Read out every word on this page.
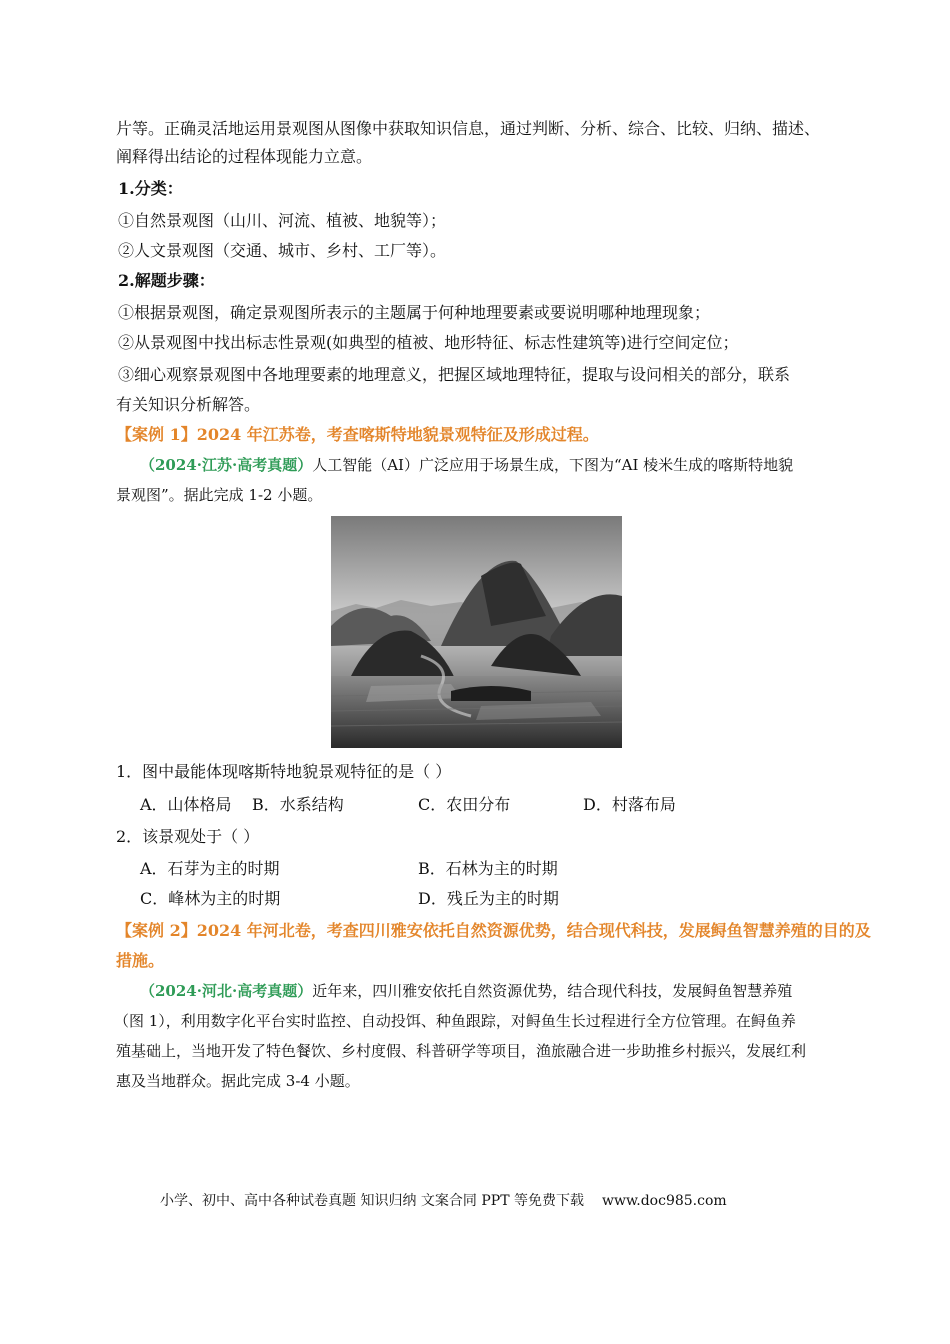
片等。正确灵活地运用景观图从图像中获取知识信息，通过判断、分析、综合、比较、归纳、描述、
阐释得出结论的过程体现能力立意。
1.分类：
①自然景观图（山川、河流、植被、地貌等）；
②人文景观图（交通、城市、乡村、工厂等）。
2.解题步骤：
①根据景观图，确定景观图所表示的主题属于何种地理要素或要说明哪种地理现象；
②从景观图中找出标志性景观(如典型的植被、地形特征、标志性建筑等)进行空间定位；
③细心观察景观图中各地理要素的地理意义，把握区域地理特征，提取与设问相关的部分，联系
有关知识分析解答。
【案例 1】2024 年江苏卷，考查喀斯特地貌景观特征及形成过程。
（2024·江苏·高考真题）人工智能（AI）广泛应用于场景生成，下图为“AI 棱米生成的喀斯特地貌
景观图”。据此完成 1-2 小题。
1．图中最能体现喀斯特地貌景观特征的是（ ）
A．山体格局 B．水系结构	C．农田分布	D．村落布局
2．该景观处于（ ）
A．石芽为主的时期	B．石林为主的时期
C．峰林为主的时期	D．残丘为主的时期
【案例 2】2024 年河北卷，考查四川雅安依托自然资源优势，结合现代科技，发展鲟鱼智慧养殖的目的及
措施。
（2024·河北·高考真题）近年来，四川雅安依托自然资源优势，结合现代科技，发展鲟鱼智慧养殖
（图 1），利用数字化平台实时监控、自动投饵、种鱼跟踪，对鲟鱼生长过程进行全方位管理。在鲟鱼养
殖基础上，当地开发了特色餐饮、乡村度假、科普研学等项目，渔旅融合进一步助推乡村振兴，发展红利
惠及当地群众。据此完成 3-4 小题。
小学、初中、高中各种试卷真题 知识归纳 文案合同 PPT 等免费下载 www.doc985.com
